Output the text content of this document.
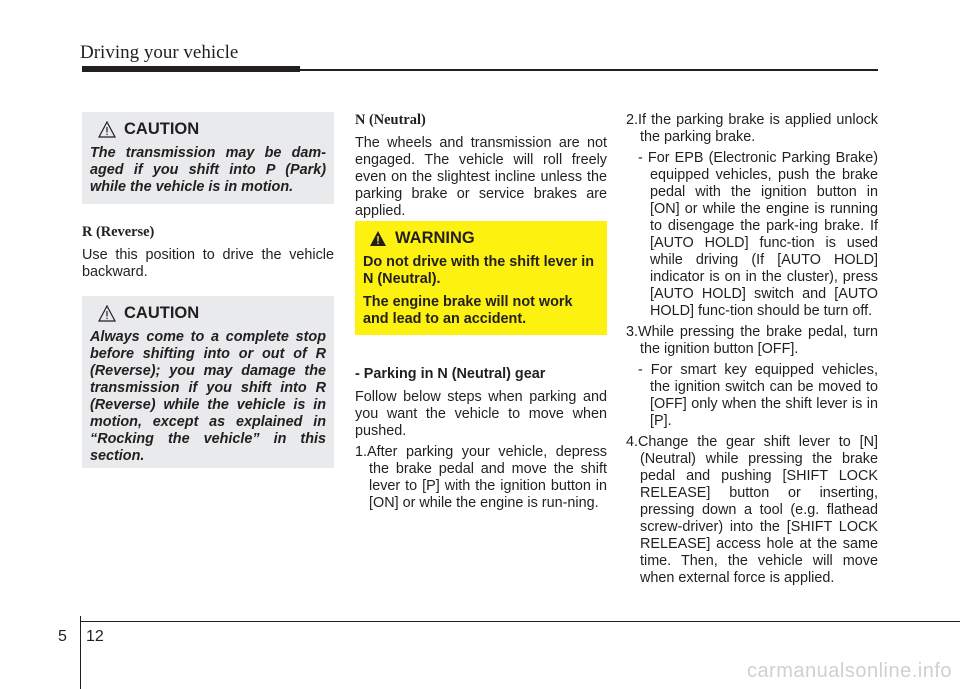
Driving your vehicle
CAUTION
The transmission may be dam-aged if you shift into P (Park) while the vehicle is in motion.

R (Reverse)

Use this position to drive the vehicle backward.

CAUTION
Always come to a complete stop before shifting into or out of R (Reverse); you may damage the transmission if you shift into R (Reverse) while the vehicle is in motion, except as explained in “Rocking the vehicle” in this section.

N (Neutral)

The wheels and transmission are not engaged. The vehicle will roll freely even on the slightest incline unless the parking brake or service brakes are applied.

WARNING

Do not drive with the shift lever in N (Neutral).

The engine brake will not work and lead to an accident.

- Parking in N (Neutral) gear

Follow below steps when parking and you want the vehicle to move when pushed.

1.After parking your vehicle, depress the brake pedal and move the shift lever to [P] with the ignition button in [ON] or while the engine is run-ning.

2.If the parking brake is applied unlock the parking brake.

- For EPB (Electronic Parking Brake) equipped vehicles, push the brake pedal with the ignition button in [ON] or while the engine is running to disengage the park-ing brake. If [AUTO HOLD] func-tion is used while driving (If [AUTO HOLD] indicator is on in the cluster), press [AUTO HOLD] switch and [AUTO HOLD] func-tion should be turn off.

3.While pressing the brake pedal, turn the ignition button [OFF].

- For smart key equipped vehicles, the ignition switch can be moved to [OFF] only when the shift lever is in [P].

4.Change the gear shift lever to [N] (Neutral) while pressing the brake pedal and pushing [SHIFT LOCK RELEASE] button or inserting, pressing down a tool (e.g. flathead screw-driver) into the [SHIFT LOCK RELEASE] access hole at the same time. Then, the vehicle will move when external force is applied.

5 12
carmanualsonline.info
